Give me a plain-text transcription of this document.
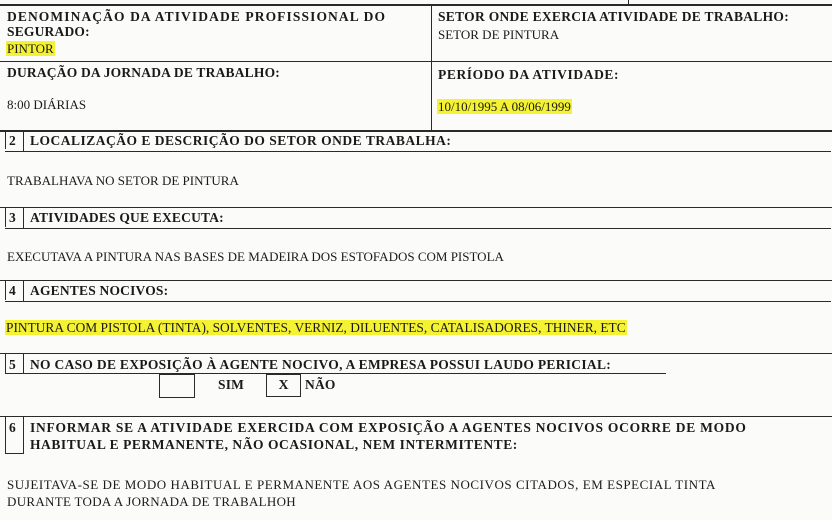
DENOMINAÇÃO DA ATIVIDADE PROFISSIONAL DO
SEGURADO:
PINTOR
SETOR ONDE EXERCIA ATIVIDADE DE TRABALHO:
SETOR DE PINTURA
DURAÇÃO DA JORNADA DE TRABALHO:
8:00 DIÁRIAS
PERÍODO DA ATIVIDADE:
10/10/1995 A 08/06/1999
2 LOCALIZAÇÃO E DESCRIÇÃO DO SETOR ONDE TRABALHA:
TRABALHAVA NO SETOR DE PINTURA
3 ATIVIDADES QUE EXECUTA:
EXECUTAVA A PINTURA NAS BASES DE MADEIRA DOS ESTOFADOS COM PISTOLA
4 AGENTES NOCIVOS:
PINTURA COM PISTOLA (TINTA), SOLVENTES, VERNIZ, DILUENTES, CATALISADORES, THINER, ETC
5 NO CASO DE EXPOSIÇÃO À AGENTE NOCIVO, A EMPRESA POSSUI LAUDO PERICIAL:
SIM	X	NÃO
6 INFORMAR SE A ATIVIDADE EXERCIDA COM EXPOSIÇÃO A AGENTES NOCIVOS OCORRE DE MODO
HABITUAL E PERMANENTE, NÃO OCASIONAL, NEM INTERMITENTE:
SUJEITAVA-SE DE MODO HABITUAL E PERMANENTE AOS AGENTES NOCIVOS CITADOS, EM ESPECIAL TINTA
DURANTE TODA A JORNADA DE TRABALHOH
